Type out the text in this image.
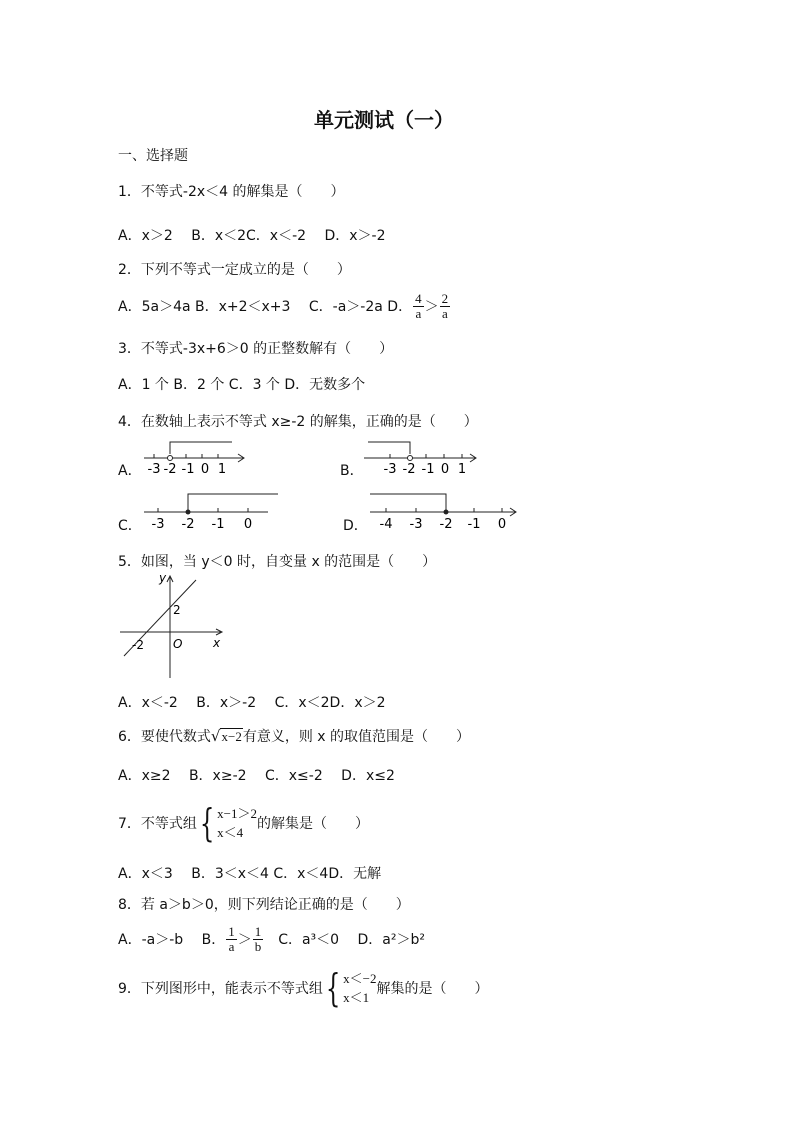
单元测试（一）
一、选择题
1．不等式-2x＜4 的解集是（　　）
A．x＞2　 B．x＜2C．x＜-2　 D．x＞-2
2．下列不等式一定成立的是（　　）
A．5a＞4a B．x+2＜x+3　 C．-a＞-2a D． $\frac{4}{a} > \frac{2}{a}$
3．不等式-3x+6＞0 的正整数解有（　　）
A．1 个 B．2 个 C．3 个 D．无数多个
4．在数轴上表示不等式 x≥-2 的解集，正确的是（　　）
A．	B．
C．	D．
-3 -2 -1 0 1	-3 -2 -1 0 1
-3 -2 -1 0	-4 -3 -2 -1 0
5．如图，当 y＜0 时，自变量 x 的范围是（　　）
y
x
O
2
-2
A．x＜-2　 B．x＞-2　 C．x＜2D．x＞2
6．要使代数式 √ x−2 有意义，则 x 的取值范围是（　　）
A．x≥2　 B．x≥-2　 C．x≤-2　 D．x≤2
7．不等式组 { x−1＞2
x＜4
的解集是（　　）
A．x＜3　 B．3＜x＜4 C．x＜4D．无解
8．若 a＞b＞0，则下列结论正确的是（　　）
A．-a＞-b　 B． $\frac{1}{a} > \frac{1}{b}$ 　C．a³＜0　 D．a²＞b²
9．下列图形中，能表示不等式组 { x＜−2
x＜1
解集的是（　　）
